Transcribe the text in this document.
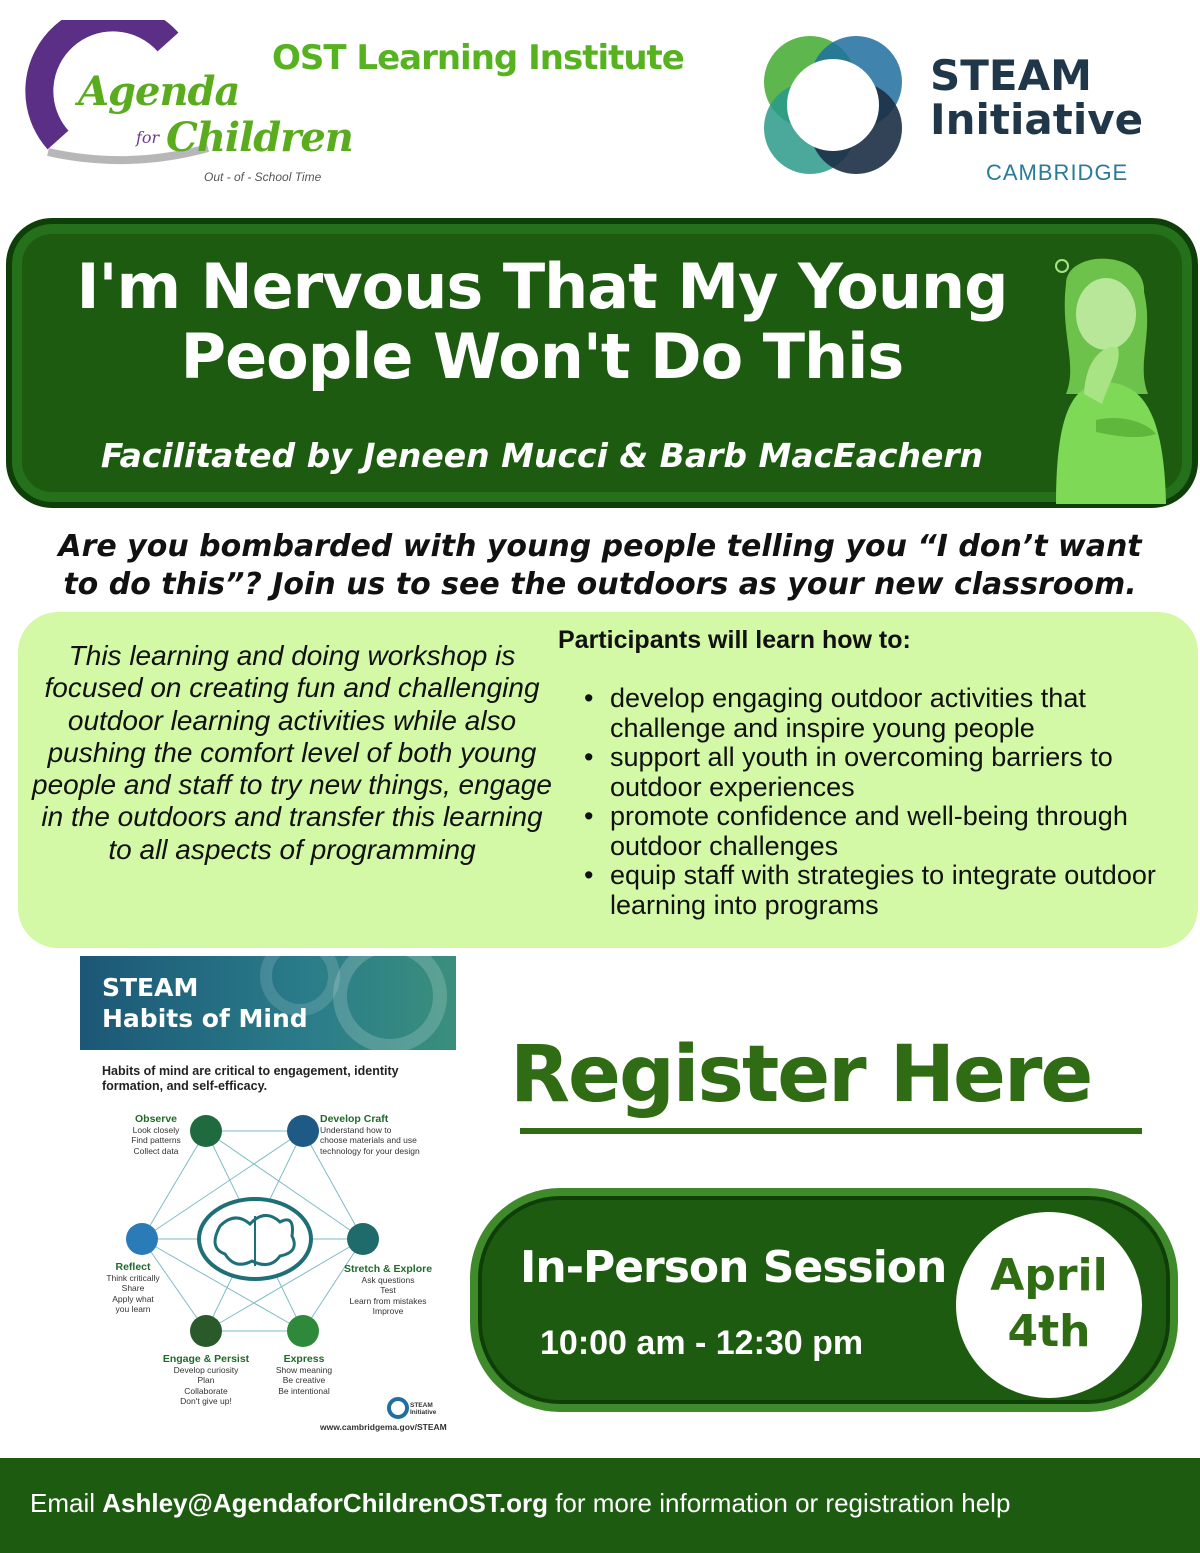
Agenda
for Children
Out - of - School Time
OST Learning Institute	STEAM
Initiative
CAMBRIDGE
I'm Nervous That My Young
People Won't Do This
Facilitated by Jeneen Mucci & Barb MacEachern
Are you bombarded with young people telling you “I don’t want
to do this”? Join us to see the outdoors as your new classroom.
This learning and doing workshop is focused on creating fun and challenging outdoor learning activities while also pushing the comfort level of both young people and staff to try new things, engage in the outdoors and transfer this learning to all aspects of programming
Participants will learn how to:
• develop engaging outdoor activities that challenge and inspire young people
• support all youth in overcoming barriers to outdoor experiences
• promote confidence and well-being through outdoor challenges
• equip staff with strategies to integrate outdoor learning into programs
STEAM
Habits of Mind
Habits of mind are critical to engagement, identity formation, and self-efficacy.
Observe
Look closely
Find patterns
Collect data
Develop Craft
Understand how to
choose materials and use
technology for your design
Reflect
Think critically
Share
Apply what
you learn
Stretch & Explore
Ask questions
Test
Learn from mistakes
Improve
Engage & Persist
Develop curiosity
Plan
Collaborate
Don't give up!
Express
Show meaning
Be creative
Be intentional
STEAM Initiative
www.cambridgema.gov/STEAM
Register Here
In-Person Session
10:00 am - 12:30 pm
April
4th
Email Ashley@AgendaforChildrenOST.org for more information or registration help
